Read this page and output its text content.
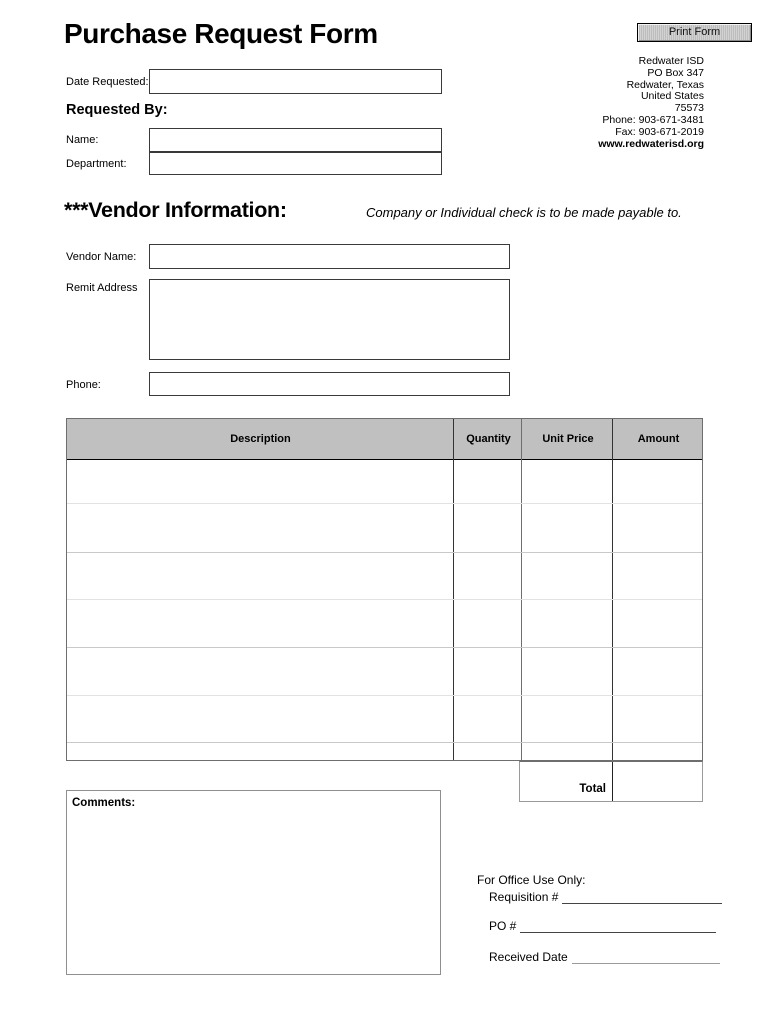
Purchase Request Form	Print Form
Redwater ISD
PO Box 347
Redwater, Texas
United States
75573
Phone: 903-671-3481
Fax: 903-671-2019
www.redwaterisd.org
Date Requested:
Requested By:
Name:
Department:
***Vendor Information:	Company or Individual check is to be made payable to.
Vendor Name:
Remit Address
Phone:
Description	Quantity	Unit Price	Amount
Total
Comments:
For Office Use Only:
Requisition #
PO #
Received Date
